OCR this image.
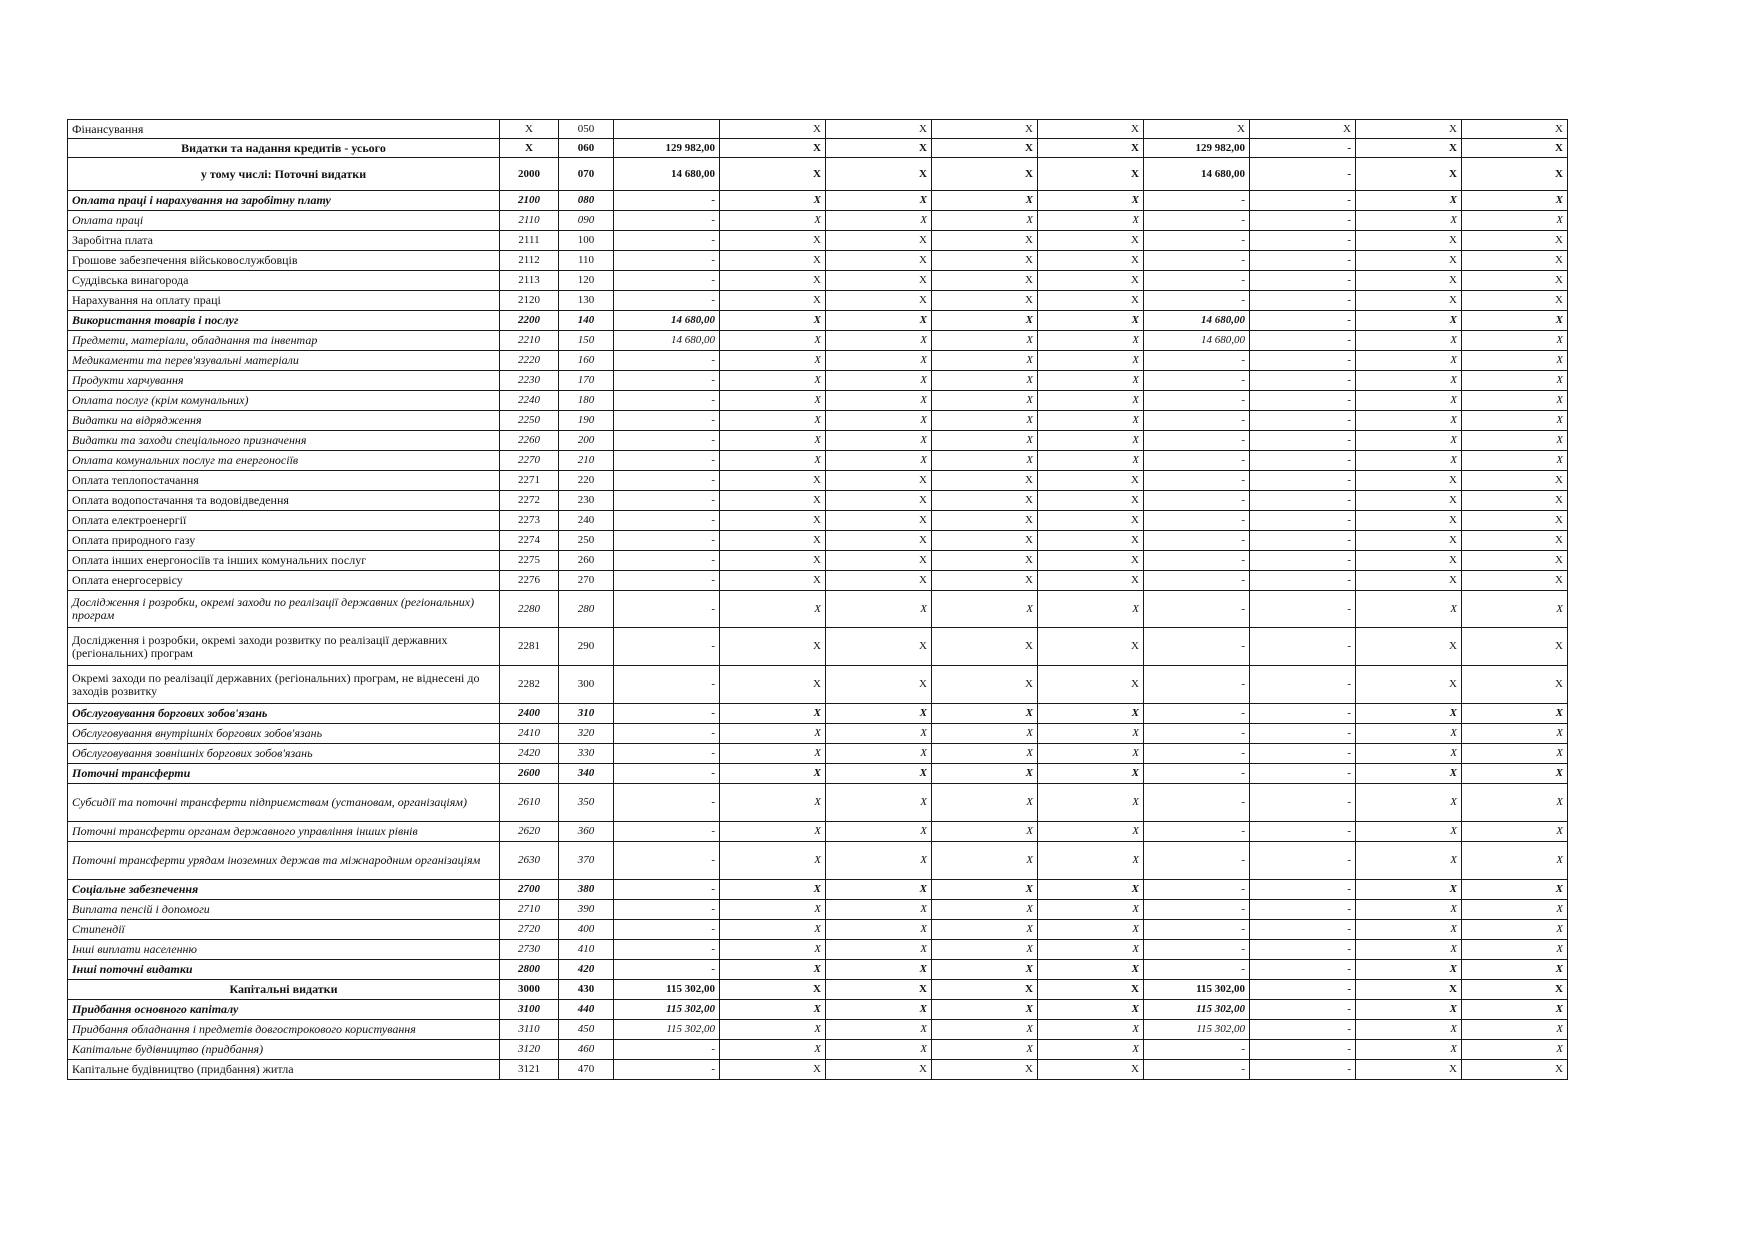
Фінансування	X	050		X	X	X	X	X	X	X	X
Видатки та надання кредитів - усього	X	060	129 982,00	X	X	X	X	129 982,00	-	X	X
у тому числі: Поточні видатки	2000	070	14 680,00	X	X	X	X	14 680,00	-	X	X
Оплата праці і нарахування на заробітну плату	2100	080	-	X	X	X	X	-	-	X	X
Оплата праці	2110	090	-	X	X	X	X	-	-	X	X
Заробітна плата	2111	100	-	X	X	X	X	-	-	X	X
Грошове забезпечення військовослужбовців	2112	110	-	X	X	X	X	-	-	X	X
Суддівська винагорода	2113	120	-	X	X	X	X	-	-	X	X
Нарахування на оплату праці	2120	130	-	X	X	X	X	-	-	X	X
Використання товарів і послуг	2200	140	14 680,00	X	X	X	X	14 680,00	-	X	X
Предмети, матеріали, обладнання та інвентар	2210	150	14 680,00	X	X	X	X	14 680,00	-	X	X
Медикаменти та перев'язувальні матеріали	2220	160	-	X	X	X	X	-	-	X	X
Продукти харчування	2230	170	-	X	X	X	X	-	-	X	X
Оплата послуг (крім комунальних)	2240	180	-	X	X	X	X	-	-	X	X
Видатки на відрядження	2250	190	-	X	X	X	X	-	-	X	X
Видатки та заходи спеціального призначення	2260	200	-	X	X	X	X	-	-	X	X
Оплата комунальних послуг та енергоносіїв	2270	210	-	X	X	X	X	-	-	X	X
Оплата теплопостачання	2271	220	-	X	X	X	X	-	-	X	X
Оплата водопостачання та водовідведення	2272	230	-	X	X	X	X	-	-	X	X
Оплата електроенергії	2273	240	-	X	X	X	X	-	-	X	X
Оплата природного газу	2274	250	-	X	X	X	X	-	-	X	X
Оплата інших енергоносіїв та інших комунальних послуг	2275	260	-	X	X	X	X	-	-	X	X
Оплата енергосервісу	2276	270	-	X	X	X	X	-	-	X	X
Дослідження і розробки, окремі заходи по реалізації державних (регіональних) програм	2280	280	-	X	X	X	X	-	-	X	X
Дослідження і розробки, окремі заходи розвитку по реалізації державних (регіональних) програм	2281	290	-	X	X	X	X	-	-	X	X
Окремі заходи по реалізації державних (регіональних) програм, не віднесені до заходів розвитку	2282	300	-	X	X	X	X	-	-	X	X
Обслуговування боргових зобов'язань	2400	310	-	X	X	X	X	-	-	X	X
Обслуговування внутрішніх боргових зобов'язань	2410	320	-	X	X	X	X	-	-	X	X
Обслуговування зовнішніх боргових зобов'язань	2420	330	-	X	X	X	X	-	-	X	X
Поточні трансферти	2600	340	-	X	X	X	X	-	-	X	X
Субсидії та поточні трансферти підприємствам (установам, організаціям)	2610	350	-	X	X	X	X	-	-	X	X
Поточні трансферти органам державного управління інших рівнів	2620	360	-	X	X	X	X	-	-	X	X
Поточні трансферти урядам іноземних держав та міжнародним організаціям	2630	370	-	X	X	X	X	-	-	X	X
Соціальне забезпечення	2700	380	-	X	X	X	X	-	-	X	X
Виплата пенсій і допомоги	2710	390	-	X	X	X	X	-	-	X	X
Стипендії	2720	400	-	X	X	X	X	-	-	X	X
Інші виплати населенню	2730	410	-	X	X	X	X	-	-	X	X
Інші поточні видатки	2800	420	-	X	X	X	X	-	-	X	X
Капітальні видатки	3000	430	115 302,00	X	X	X	X	115 302,00	-	X	X
Придбання основного капіталу	3100	440	115 302,00	X	X	X	X	115 302,00	-	X	X
Придбання обладнання і предметів довгострокового користування	3110	450	115 302,00	X	X	X	X	115 302,00	-	X	X
Капітальне будівництво (придбання)	3120	460	-	X	X	X	X	-	-	X	X
Капітальне будівництво (придбання) житла	3121	470	-	X	X	X	X	-	-	X	X
